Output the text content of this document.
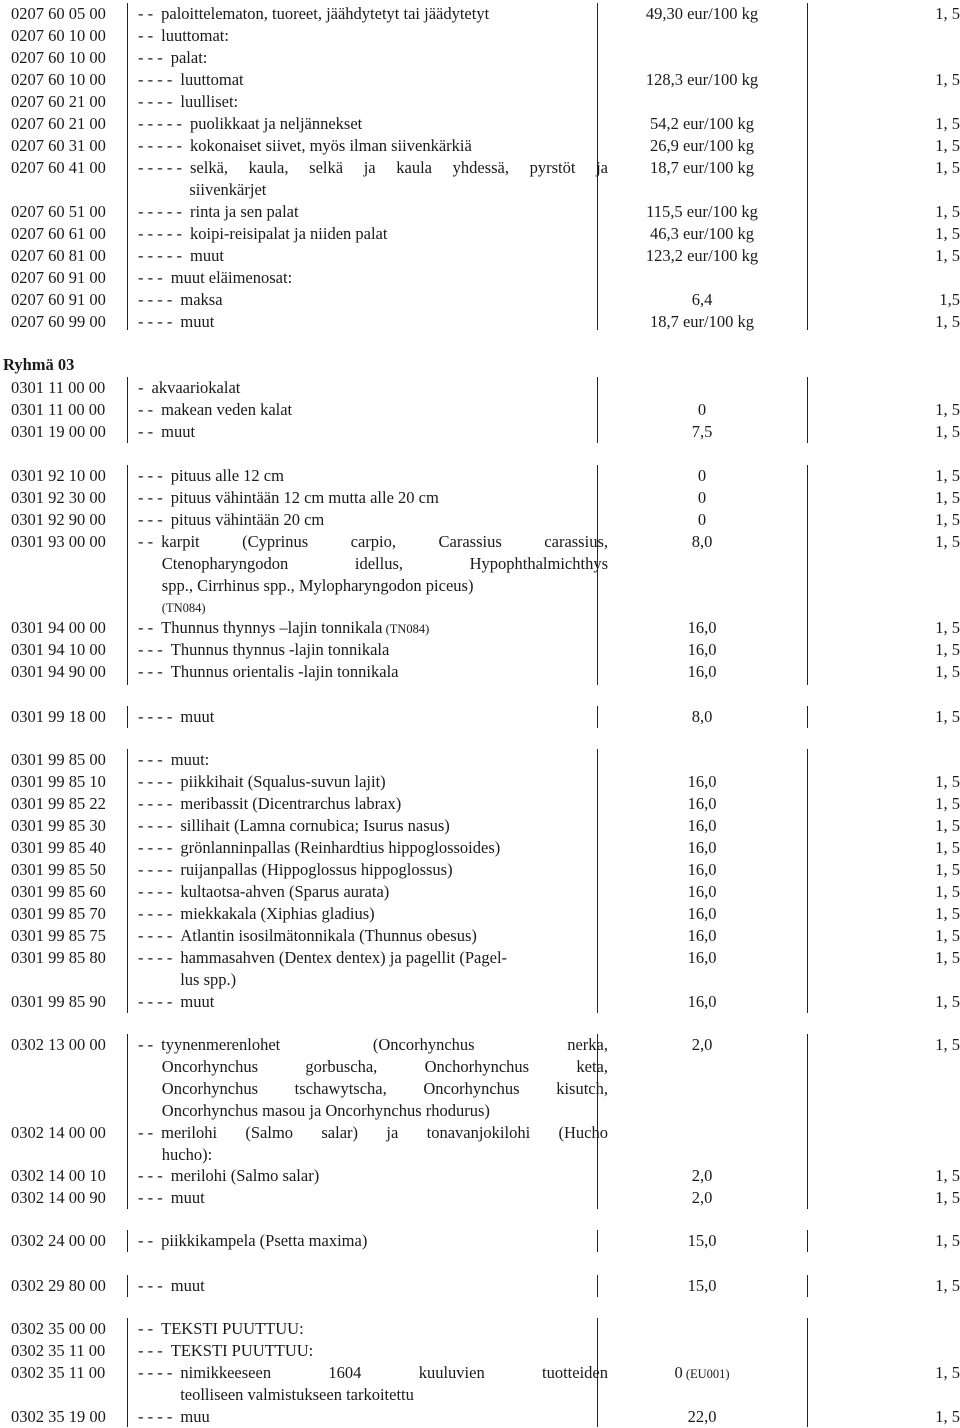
Ryhmä 03
0207 60 05 00 - - paloittelematon, tuoreet, jäähdytetyt tai jäädytetyt	49,30 eur/100 kg	1, 5
0207 60 10 00 - - luuttomat:
0207 60 10 00 - - - palat:
0207 60 10 00 - - - - luuttomat	128,3 eur/100 kg	1, 5
0207 60 21 00 - - - - luulliset:
0207 60 21 00 - - - - - puolikkaat ja neljännekset	54,2 eur/100 kg	1, 5
0207 60 31 00 - - - - - kokonaiset siivet, myös ilman siivenkärkiä	26,9 eur/100 kg	1, 5
0207 60 41 00 - - - - - selkä, kaula, selkä ja kaula yhdessä, pyrstöt ja
siivenkärjet
18,7 eur/100 kg	1, 5
0207 60 51 00 - - - - - rinta ja sen palat	115,5 eur/100 kg	1, 5
0207 60 61 00 - - - - - koipi-reisipalat ja niiden palat	46,3 eur/100 kg	1, 5
0207 60 81 00 - - - - - muut	123,2 eur/100 kg	1, 5
0207 60 91 00 - - - muut eläimenosat:
0207 60 91 00 - - - - maksa	6,4	1,5
0207 60 99 00 - - - - muut	18,7 eur/100 kg	1, 5
0301 11 00 00 - akvaariokalat
0301 11 00 00 - - makean veden kalat	0	1, 5
0301 19 00 00 - - muut	7,5	1, 5
0301 92 10 00 - - - pituus alle 12 cm	0	1, 5
0301 92 30 00 - - - pituus vähintään 12 cm mutta alle 20 cm	0	1, 5
0301 92 90 00 - - - pituus vähintään 20 cm	0	1, 5
0301 93 00 00 - - karpit (Cyprinus carpio, Carassius carassius,
Ctenopharyngodon idellus, Hypophthalmichthys
spp., Cirrhinus spp., Mylopharyngodon piceus)
(TN084)
8,0	1, 5
0301 94 00 00 - - Thunnus thynnys –lajin tonnikala (TN084)	16,0	1, 5
0301 94 10 00 - - - Thunnus thynnus -lajin tonnikala	16,0	1, 5
0301 94 90 00 - - - Thunnus orientalis -lajin tonnikala	16,0	1, 5
0301 99 18 00 - - - - muut	8,0	1, 5
0301 99 85 00 - - - muut:
0301 99 85 10 - - - - piikkihait (Squalus-suvun lajit)	16,0	1, 5
0301 99 85 22 - - - - meribassit (Dicentrarchus labrax)	16,0	1, 5
0301 99 85 30 - - - - sillihait (Lamna cornubica; Isurus nasus)	16,0	1, 5
0301 99 85 40 - - - - grönlanninpallas (Reinhardtius hippoglossoides)	16,0	1, 5
0301 99 85 50 - - - - ruijanpallas (Hippoglossus hippoglossus)	16,0	1, 5
0301 99 85 60 - - - - kultaotsa-ahven (Sparus aurata)	16,0	1, 5
0301 99 85 70 - - - - miekkakala (Xiphias gladius)	16,0	1, 5
0301 99 85 75 - - - - Atlantin isosilmätonnikala (Thunnus obesus)	16,0	1, 5
0301 99 85 80 - - - - hammasahven (Dentex dentex) ja pagellit (Pagel-
lus spp.)
16,0	1, 5
0301 99 85 90 - - - - muut	16,0	1, 5
0302 13 00 00 - - tyynenmerenlohet (Oncorhynchus nerka,
Oncorhynchus gorbuscha, Onchorhynchus keta,
Oncorhynchus tschawytscha, Oncorhynchus kisutch,
Oncorhynchus masou ja Oncorhynchus rhodurus)
2,0	1, 5
0302 14 00 00 - - merilohi (Salmo salar) ja tonavanjokilohi (Hucho
hucho):
0302 14 00 10 - - - merilohi (Salmo salar)	2,0	1, 5
0302 14 00 90 - - - muut	2,0	1, 5
0302 24 00 00 - - piikkikampela (Psetta maxima)	15,0	1, 5
0302 29 80 00 - - - muut	15,0	1, 5
0302 35 00 00 - - TEKSTI PUUTTUU:
0302 35 11 00 - - - TEKSTI PUUTTUU:
0302 35 11 00 - - - - nimikkeeseen 1604 kuuluvien tuotteiden
teolliseen valmistukseen tarkoitettu
0 (EU001)	1, 5
0302 35 19 00 - - - - muu	22,0	1, 5
